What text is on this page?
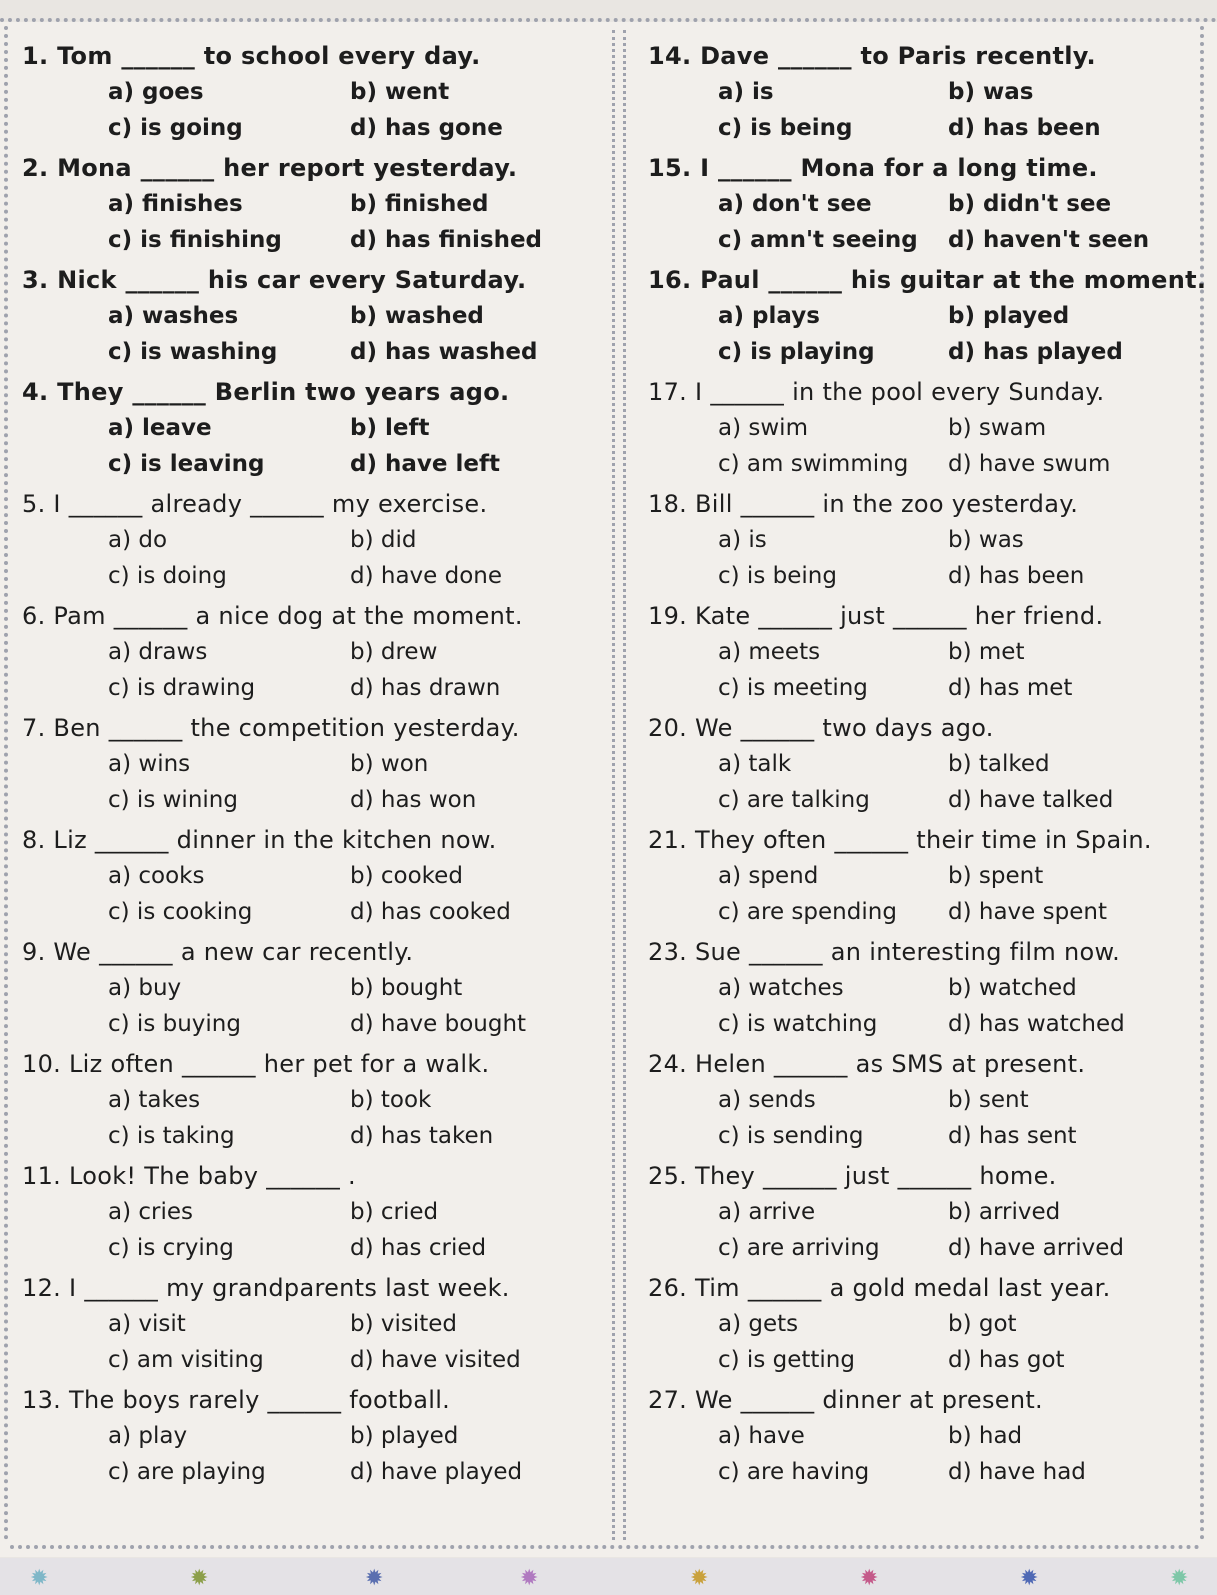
1. Tom ______	to school every day.
a) goes	b) went
c) is going	d) has gone
2. Mona ______	her report yesterday.
a) finishes	b) finished
c) is finishing	d) has finished
3. Nick ______	his car every Saturday.
a) washes	b) washed
c) is washing	d) has washed
4. They ______	Berlin two years ago.
a) leave	b) left
c) is leaving	d) have left
5. I ______	already ______	my exercise.
a) do	b) did
c) is doing	d) have done
6. Pam ______	a nice dog at the moment.
a) draws	b) drew
c) is drawing	d) has drawn
7. Ben ______	the competition yesterday.
a) wins	b) won
c) is wining	d) has won
8. Liz ______	dinner in the kitchen now.
a) cooks	b) cooked
c) is cooking	d) has cooked
9. We ______	a new car recently.
a) buy	b) bought
c) is buying	d) have bought
10. Liz often ______	her pet for a walk.
a) takes	b) took
c) is taking	d) has taken
11. Look! The baby ______	.
a) cries	b) cried
c) is crying	d) has cried
12. I ______	my grandparents last week.
a) visit	b) visited
c) am visiting	d) have visited
13. The boys rarely ______	football.
a) play	b) played
c) are playing	d) have played
14. Dave ______	to Paris recently.
a) is	b) was
c) is being	d) has been
15. I ______	Mona for a long time.
a) don't see	b) didn't see
c) amn't seeing d) haven't seen
16. Paul ______	his guitar at the moment.
a) plays	b) played
c) is playing	d) has played
17. I ______	in the pool every Sunday.
a) swim	b) swam
c) am swimming d) have swum
18. Bill ______	in the zoo yesterday.
a) is	b) was
c) is being	d) has been
19. Kate ______	just ______	her friend.
a) meets	b) met
c) is meeting	d) has met
20. We ______	two days ago.
a) talk	b) talked
c) are talking	d) have talked
21. They often ______	their time in Spain.
a) spend	b) spent
c) are spending d) have spent
23. Sue ______	an interesting film now.
a) watches	b) watched
c) is watching	d) has watched
24. Helen ______	as SMS at present.
a) sends	b) sent
c) is sending	d) has sent
25. They ______	just ______	home.
a) arrive	b) arrived
c) are arriving	d) have arrived
26. Tim ______	a gold medal last year.
a) gets	b) got
c) is getting	d) has got
27. We ______	dinner at present.
a) have	b) had
c) are having	d) have had
✹	✹	✹	✹	✹	✹	✹	✹
